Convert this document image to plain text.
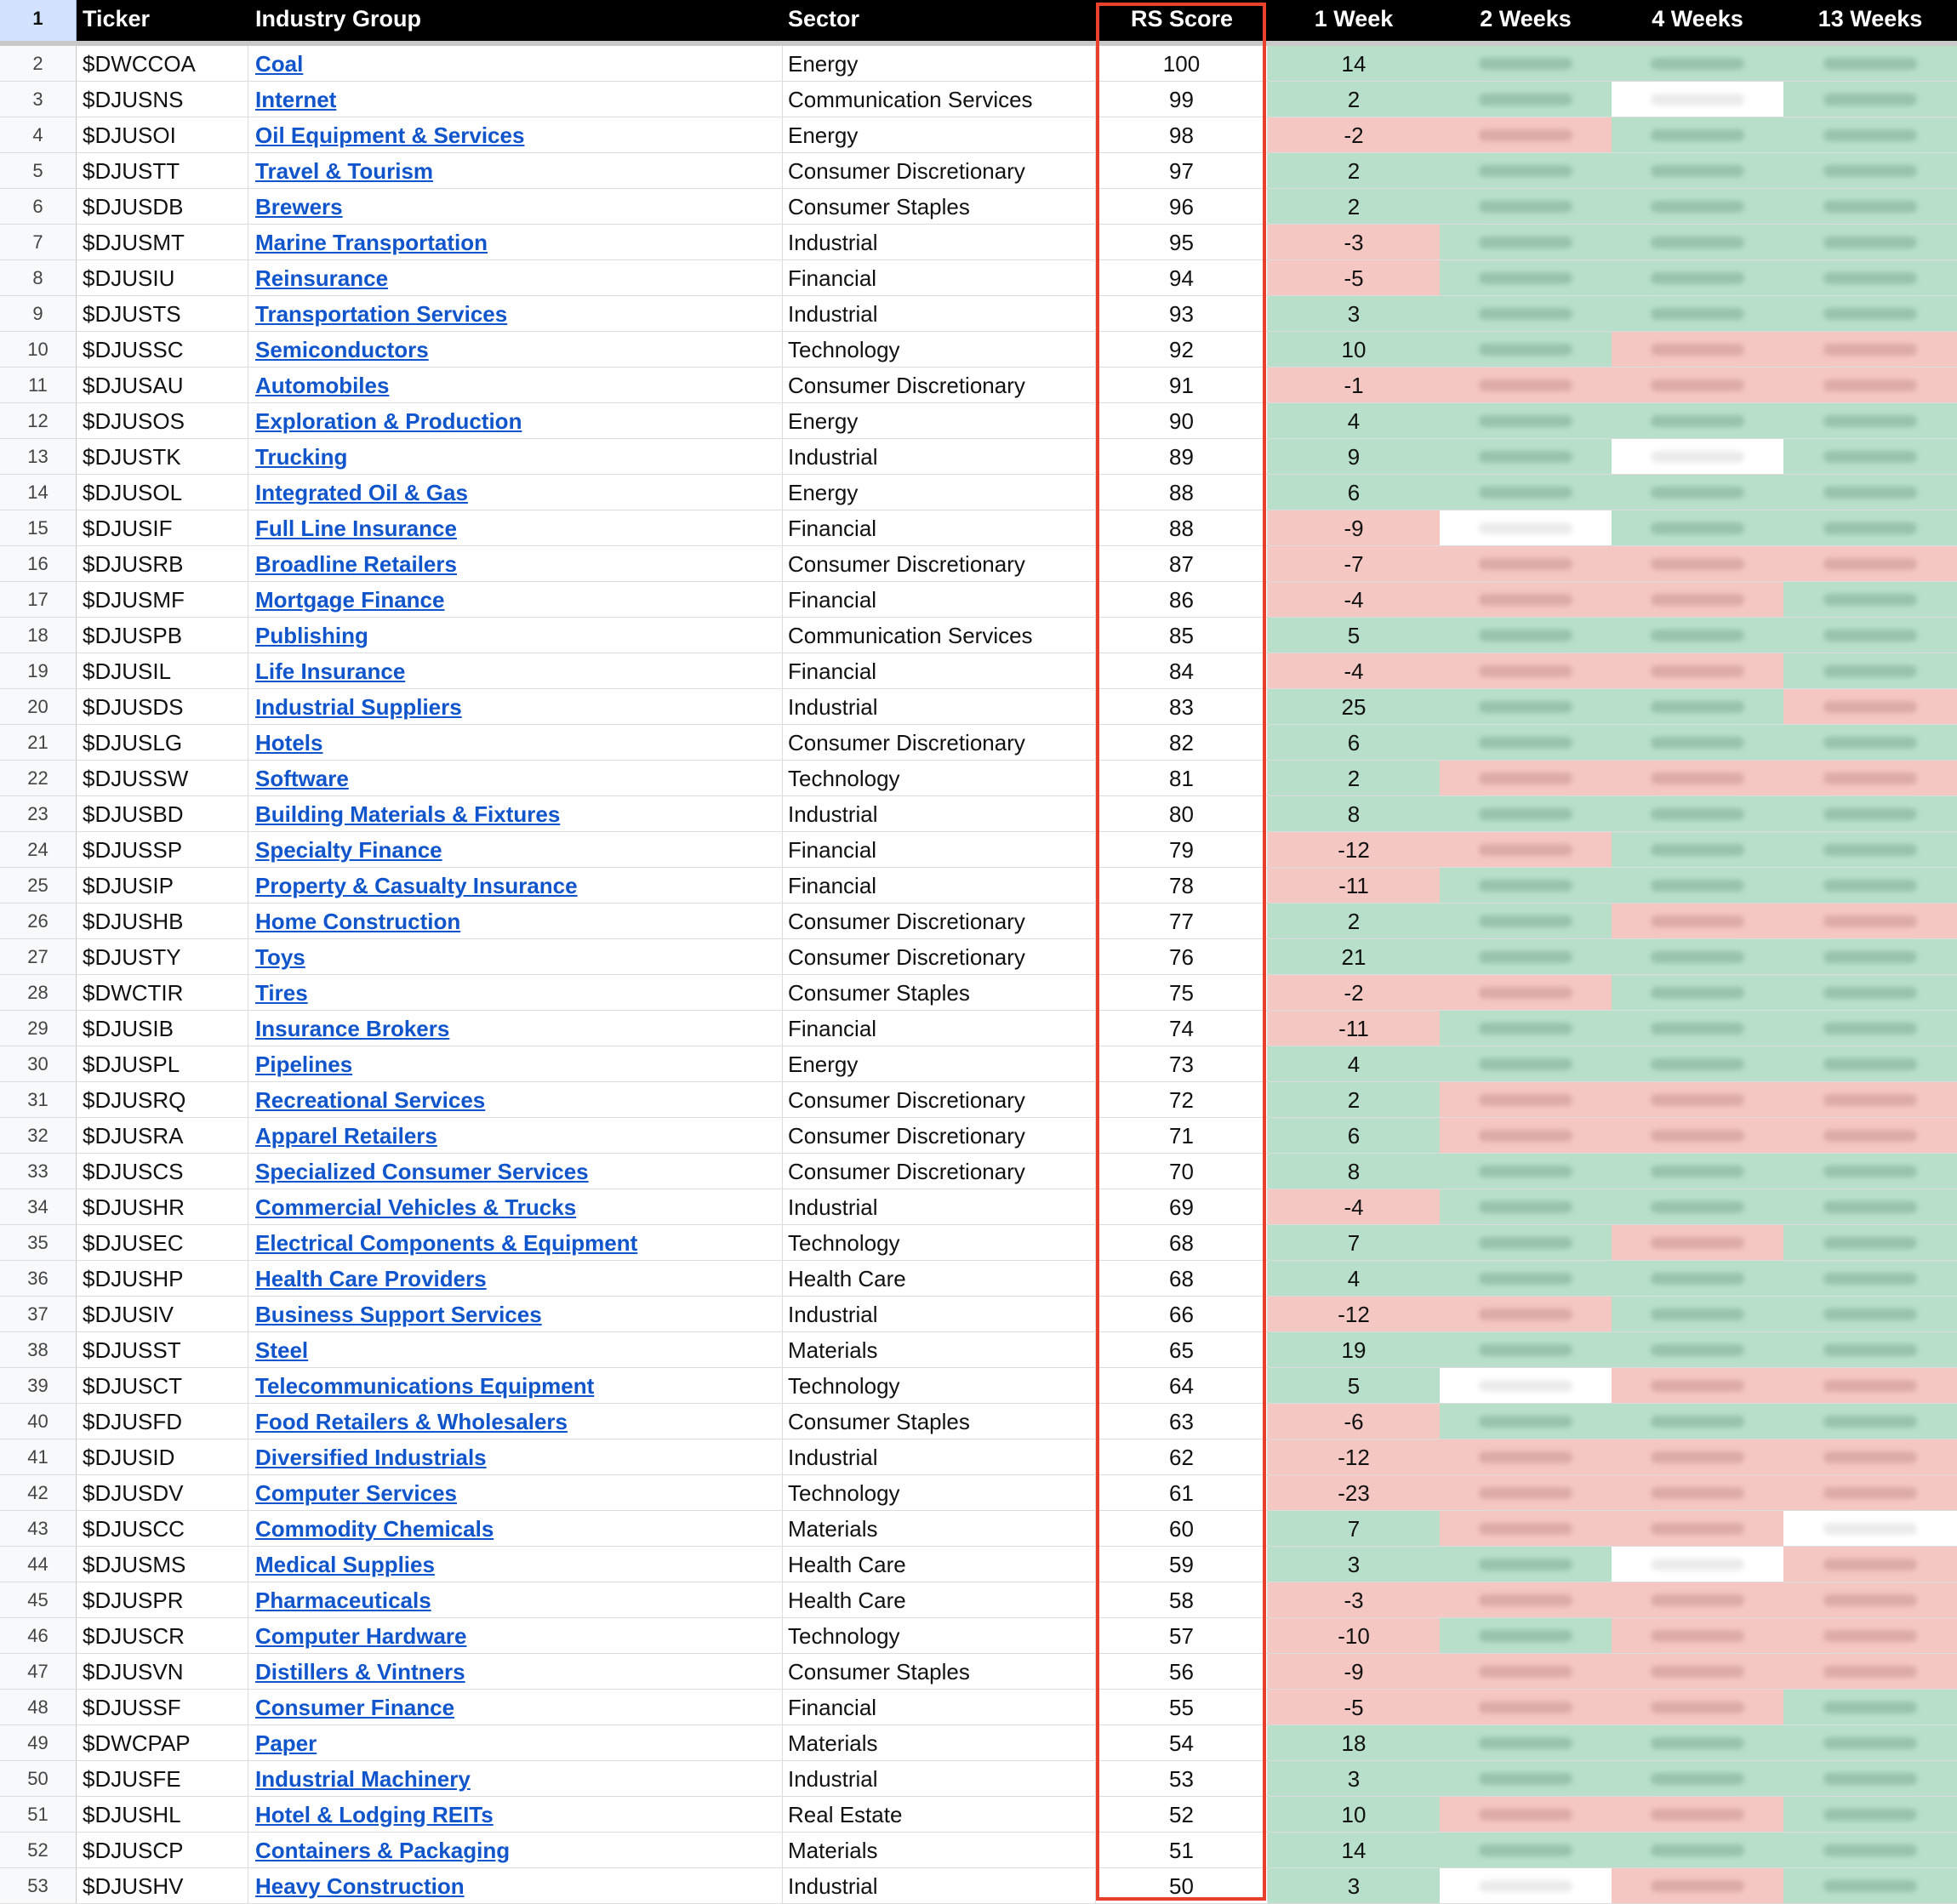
1	Ticker	Industry Group	Sector	RS Score	1 Week	2 Weeks	4 Weeks	13 Weeks
2	$DWCCOA	Coal	Energy	100	14
3	$DJUSNS	Internet	Communication Services	99	2
4	$DJUSOI	Oil Equipment & Services	Energy	98	-2
5	$DJUSTT	Travel & Tourism	Consumer Discretionary	97	2
6	$DJUSDB	Brewers	Consumer Staples	96	2
7	$DJUSMT	Marine Transportation	Industrial	95	-3
8	$DJUSIU	Reinsurance	Financial	94	-5
9	$DJUSTS	Transportation Services	Industrial	93	3
10	$DJUSSC	Semiconductors	Technology	92	10
11	$DJUSAU	Automobiles	Consumer Discretionary	91	-1
12	$DJUSOS	Exploration & Production	Energy	90	4
13	$DJUSTK	Trucking	Industrial	89	9
14	$DJUSOL	Integrated Oil & Gas	Energy	88	6
15	$DJUSIF	Full Line Insurance	Financial	88	-9
16	$DJUSRB	Broadline Retailers	Consumer Discretionary	87	-7
17	$DJUSMF	Mortgage Finance	Financial	86	-4
18	$DJUSPB	Publishing	Communication Services	85	5
19	$DJUSIL	Life Insurance	Financial	84	-4
20	$DJUSDS	Industrial Suppliers	Industrial	83	25
21	$DJUSLG	Hotels	Consumer Discretionary	82	6
22	$DJUSSW	Software	Technology	81	2
23	$DJUSBD	Building Materials & Fixtures	Industrial	80	8
24	$DJUSSP	Specialty Finance	Financial	79	-12
25	$DJUSIP	Property & Casualty Insurance	Financial	78	-11
26	$DJUSHB	Home Construction	Consumer Discretionary	77	2
27	$DJUSTY	Toys	Consumer Discretionary	76	21
28	$DWCTIR	Tires	Consumer Staples	75	-2
29	$DJUSIB	Insurance Brokers	Financial	74	-11
30	$DJUSPL	Pipelines	Energy	73	4
31	$DJUSRQ	Recreational Services	Consumer Discretionary	72	2
32	$DJUSRA	Apparel Retailers	Consumer Discretionary	71	6
33	$DJUSCS	Specialized Consumer Services	Consumer Discretionary	70	8
34	$DJUSHR	Commercial Vehicles & Trucks	Industrial	69	-4
35	$DJUSEC	Electrical Components & Equipment	Technology	68	7
36	$DJUSHP	Health Care Providers	Health Care	68	4
37	$DJUSIV	Business Support Services	Industrial	66	-12
38	$DJUSST	Steel	Materials	65	19
39	$DJUSCT	Telecommunications Equipment	Technology	64	5
40	$DJUSFD	Food Retailers & Wholesalers	Consumer Staples	63	-6
41	$DJUSID	Diversified Industrials	Industrial	62	-12
42	$DJUSDV	Computer Services	Technology	61	-23
43	$DJUSCC	Commodity Chemicals	Materials	60	7
44	$DJUSMS	Medical Supplies	Health Care	59	3
45	$DJUSPR	Pharmaceuticals	Health Care	58	-3
46	$DJUSCR	Computer Hardware	Technology	57	-10
47	$DJUSVN	Distillers & Vintners	Consumer Staples	56	-9
48	$DJUSSF	Consumer Finance	Financial	55	-5
49	$DWCPAP	Paper	Materials	54	18
50	$DJUSFE	Industrial Machinery	Industrial	53	3
51	$DJUSHL	Hotel & Lodging REITs	Real Estate	52	10
52	$DJUSCP	Containers & Packaging	Materials	51	14
53	$DJUSHV	Heavy Construction	Industrial	50	3
